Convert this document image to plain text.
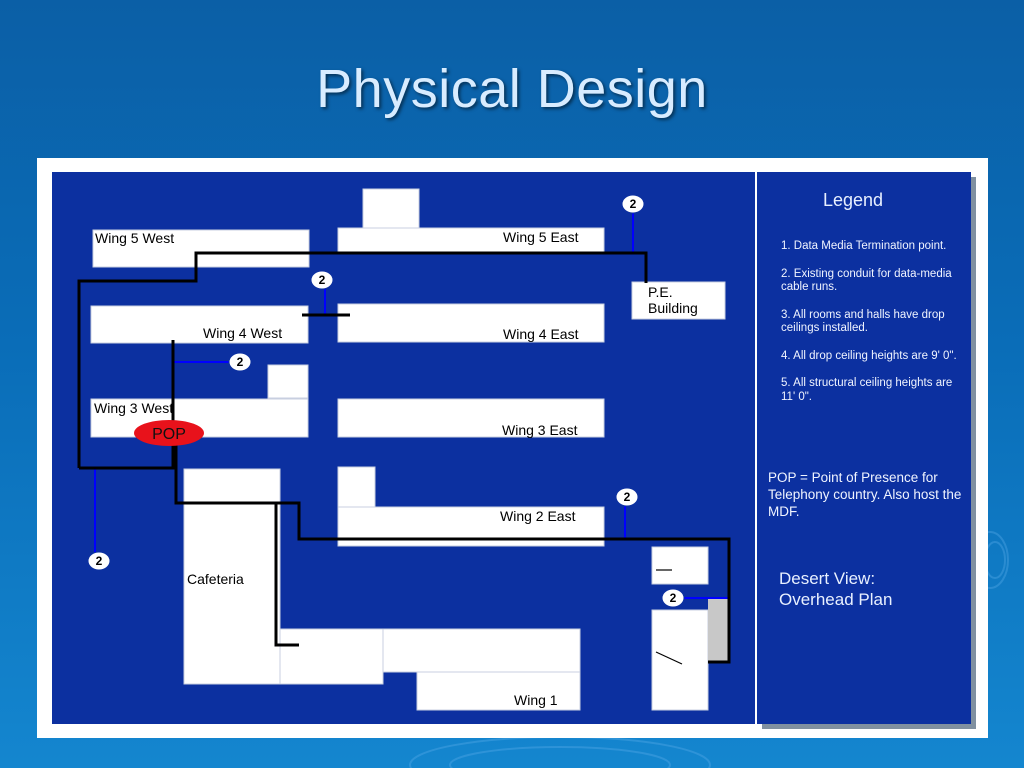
Physical Design
2
2
2
2
2
2
POP
Wing 5 West	Wing 5 East
P.E.
Building
Wing 4 West	Wing 4 East
Wing 3 West
Wing 3 East
Wing 2 East
Cafeteria
Wing 1
Legend
1. Data Media Termination point.
2. Existing conduit for data-media cable runs.
3. All rooms and halls have drop ceilings installed.
4. All drop ceiling heights are 9' 0".
5. All structural ceiling heights are 11' 0".
POP = Point of Presence for Telephony country. Also host the MDF.
Desert View:
Overhead Plan
